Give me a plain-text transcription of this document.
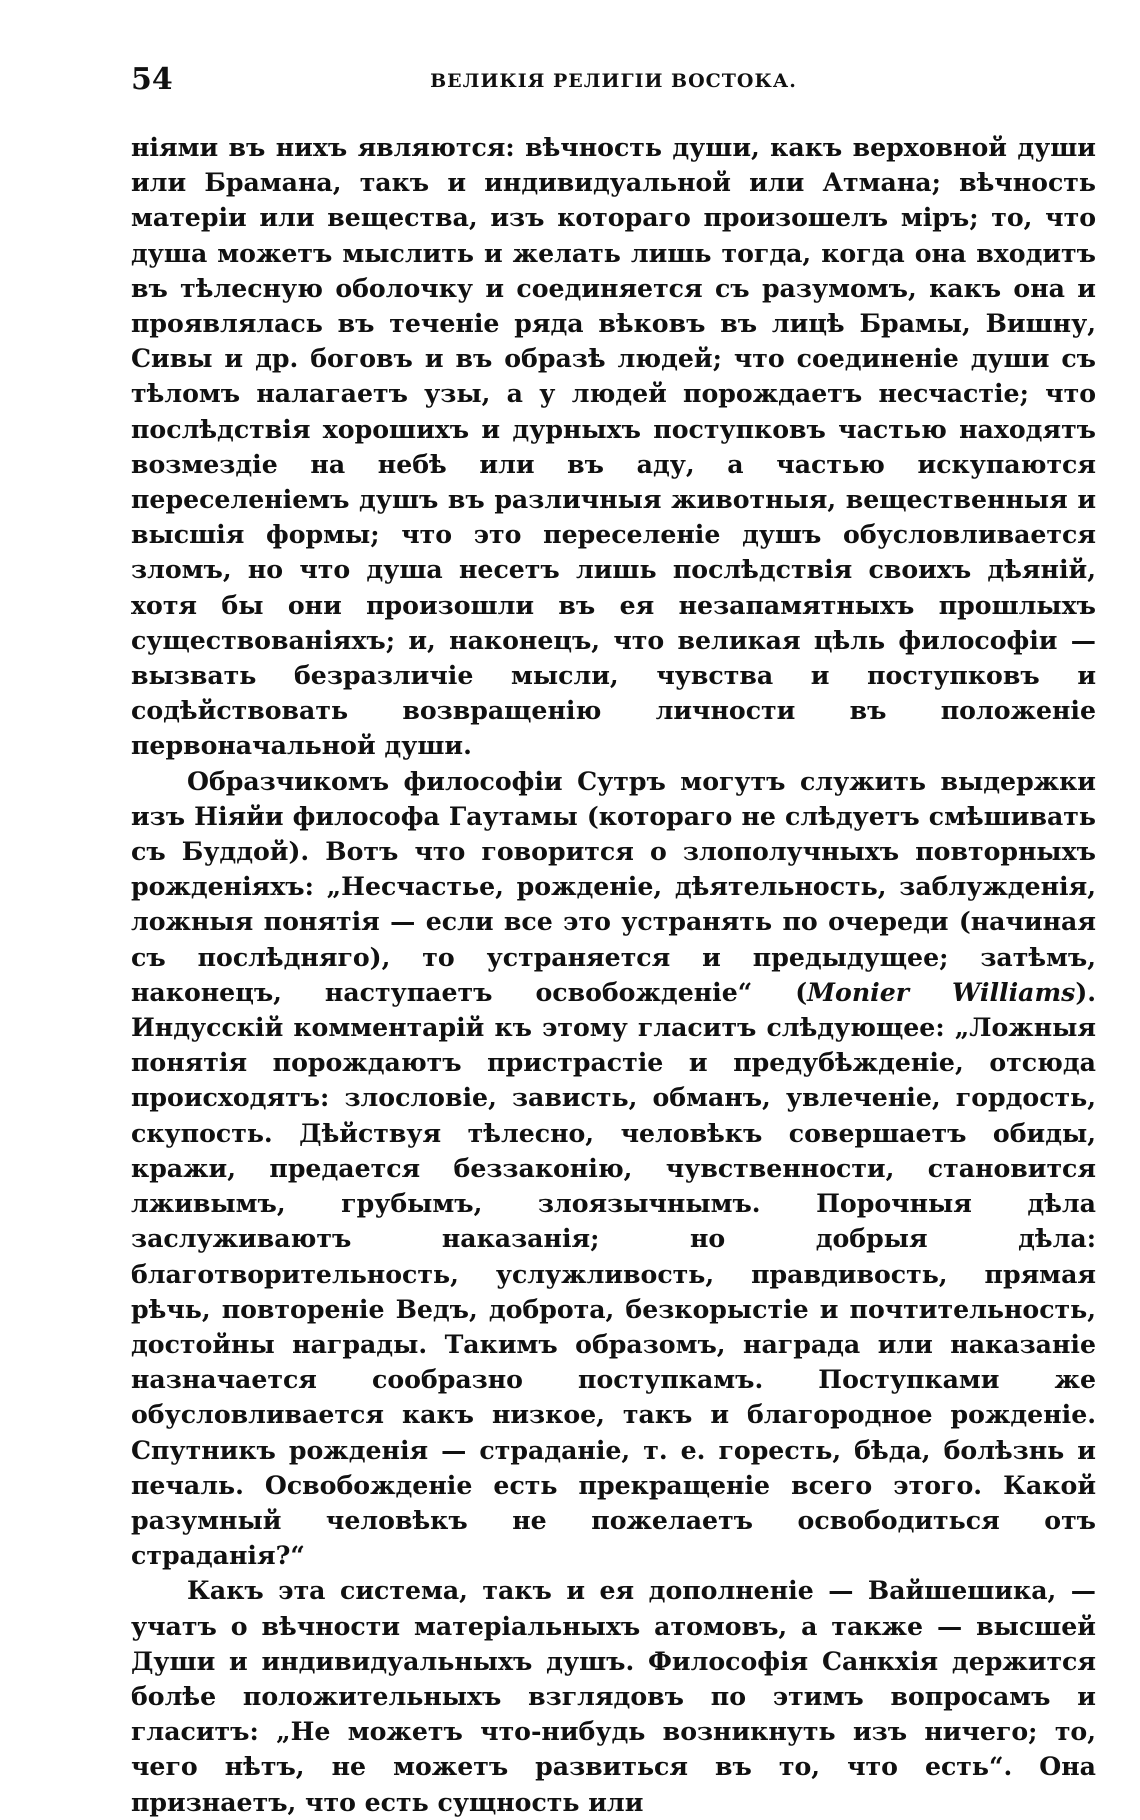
54	ВЕЛИКІЯ РЕЛИГІИ ВОСТОКА.

ніями въ нихъ являются: вѣчность души, какъ верховной души или Брамана, такъ и индивидуальной или Атмана; вѣчность матеріи или вещества, изъ котораго произошелъ міръ; то, что душа можетъ мыслить и желать лишь тогда, когда она входитъ въ тѣлесную оболочку и соединяется съ разумомъ, какъ она и проявлялась въ теченіе ряда вѣковъ въ лицѣ Брамы, Вишну, Сивы и др. боговъ и въ образѣ людей; что соединеніе души съ тѣломъ налагаетъ узы, а у людей порождаетъ несчастіе; что послѣдствія хорошихъ и дурныхъ поступковъ частью находятъ возмездіе на небѣ или въ аду, а частью искупаются переселеніемъ душъ въ различныя животныя, вещественныя и высшія формы; что это переселеніе душъ обусловливается зломъ, но что душа несетъ лишь послѣдствія своихъ дѣяній, хотя бы они произошли въ ея незапамятныхъ прошлыхъ существованіяхъ; и, наконецъ, что великая цѣль философіи — вызвать безразличіе мысли, чувства и поступковъ и содѣйствовать возвращенію личности въ положеніе первоначальной души.

Образчикомъ философіи Сутръ могутъ служить выдержки изъ Ніяйи философа Гаутамы (котораго не слѣдуетъ смѣшивать съ Буддой). Вотъ что говорится о злополучныхъ повторныхъ рожденіяхъ: „Несчастье, рожденіе, дѣятельность, заблужденія, ложныя понятія — если все это устранять по очереди (начиная съ послѣдняго), то устраняется и предыдущее; затѣмъ, наконецъ, наступаетъ освобожденіе“ (Monier Williams). Индусскій комментарій къ этому гласитъ слѣдующее: „Ложныя понятія порождаютъ пристрастіе и предубѣжденіе, отсюда происходятъ: злословіе, зависть, обманъ, увлеченіе, гордость, скупость. Дѣйствуя тѣлесно, человѣкъ совершаетъ обиды, кражи, предается беззаконію, чувственности, становится лживымъ, грубымъ, злоязычнымъ. Порочныя дѣла заслуживаютъ наказанія; но добрыя дѣла: благотворительность, услужливость, правдивость, прямая рѣчь, повтореніе Ведъ, доброта, безкорыстіе и почтительность, достойны награды. Такимъ образомъ, награда или наказаніе назначается сообразно поступкамъ. Поступками же обусловливается какъ низкое, такъ и благородное рожденіе. Спутникъ рожденія — страданіе, т. е. горесть, бѣда, болѣзнь и печаль. Освобожденіе есть прекращеніе всего этого. Какой разумный человѣкъ не пожелаетъ освободиться отъ страданія?“

Какъ эта система, такъ и ея дополненіе — Вайшешика, — учатъ о вѣчности матеріальныхъ атомовъ, а также — высшей Души и индивидуальныхъ душъ. Философія Санкхія держится болѣе положительныхъ взглядовъ по этимъ вопросамъ и гласитъ: „Не можетъ что-нибудь возникнуть изъ ничего; то, чего нѣтъ, не можетъ развиться въ то, что есть“. Она признаетъ, что есть сущность или
